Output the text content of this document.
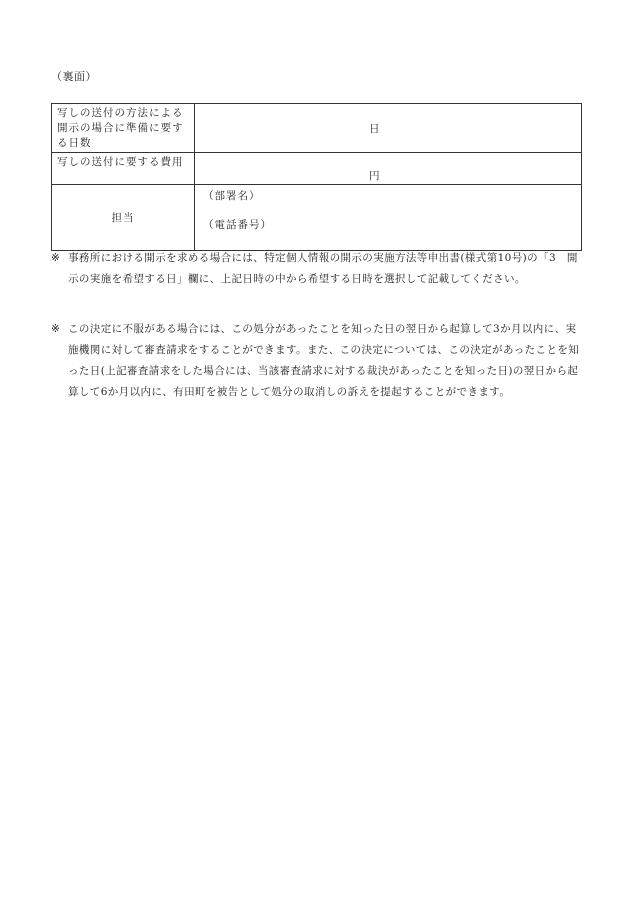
（裏面）
写しの送付の方法による開示の場合に準備に要する日数	日

写しの送付に要する費用	円

担当	（部署名）
（電話番号）
※ 事務所における開示を求める場合には、特定個人情報の開示の実施方法等申出書(様式第10号)の「3　開示の実施を希望する日」欄に、上記日時の中から希望する日時を選択して記載してください。
※ この決定に不服がある場合には、この処分があったことを知った日の翌日から起算して3か月以内に、実施機関に対して審査請求をすることができます。また、この決定については、この決定があったことを知った日(上記審査請求をした場合には、当該審査請求に対する裁決があったことを知った日)の翌日から起算して6か月以内に、有田町を被告として処分の取消しの訴えを提起することができます。
